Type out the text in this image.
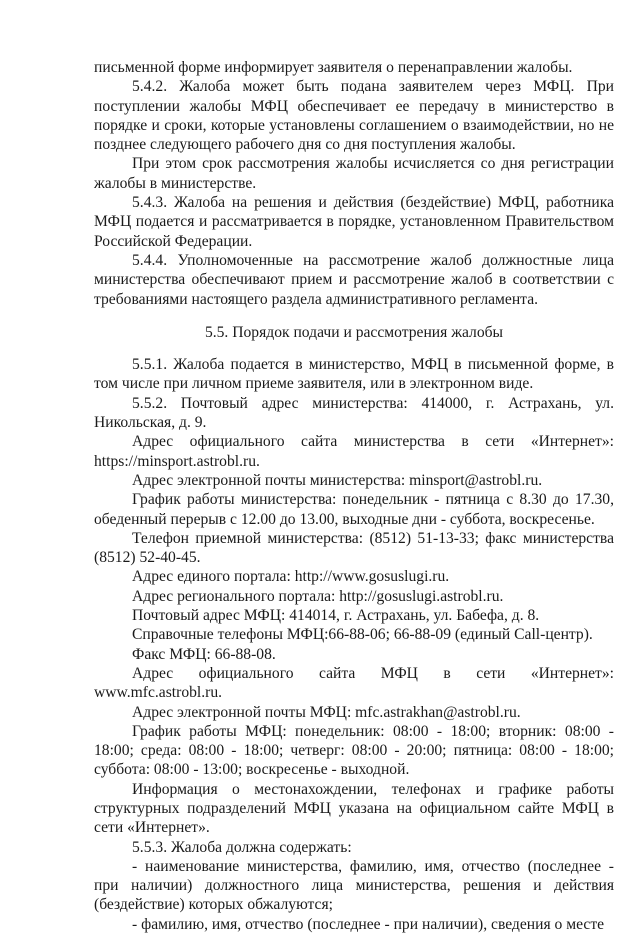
письменной форме информирует заявителя о перенаправлении жалобы.

5.4.2. Жалоба может быть подана заявителем через МФЦ. При поступлении жалобы МФЦ обеспечивает ее передачу в министерство в порядке и сроки, которые установлены соглашением о взаимодействии, но не позднее следующего рабочего дня со дня поступления жалобы.

При этом срок рассмотрения жалобы исчисляется со дня регистрации жалобы в министерстве.

5.4.3. Жалоба на решения и действия (бездействие) МФЦ, работника МФЦ подается и рассматривается в порядке, установленном Правительством Российской Федерации.

5.4.4. Уполномоченные на рассмотрение жалоб должностные лица министерства обеспечивают прием и рассмотрение жалоб в соответствии с требованиями настоящего раздела административного регламента.

5.5. Порядок подачи и рассмотрения жалобы

5.5.1. Жалоба подается в министерство, МФЦ в письменной форме, в том числе при личном приеме заявителя, или в электронном виде.

5.5.2. Почтовый адрес министерства: 414000, г. Астрахань, ул. Никольская, д. 9.

Адрес официального сайта министерства в сети «Интернет»: https://minsport.astrobl.ru.

Адрес электронной почты министерства: minsport@astrobl.ru.

График работы министерства: понедельник - пятница с 8.30 до 17.30, обеденный перерыв с 12.00 до 13.00, выходные дни - суббота, воскресенье.

Телефон приемной министерства: (8512) 51-13-33; факс министерства (8512) 52-40-45.

Адрес единого портала: http://www.gosuslugi.ru.

Адрес регионального портала: http://gosuslugi.astrobl.ru.

Почтовый адрес МФЦ: 414014, г. Астрахань, ул. Бабефа, д. 8.

Справочные телефоны МФЦ:66-88-06; 66-88-09 (единый Call-центр).

Факс МФЦ: 66-88-08.

Адрес официального сайта МФЦ в сети «Интернет»: www.mfc.astrobl.ru.

Адрес электронной почты МФЦ: mfc.astrakhan@astrobl.ru.

График работы МФЦ: понедельник: 08:00 - 18:00; вторник: 08:00 - 18:00; среда: 08:00 - 18:00; четверг: 08:00 - 20:00; пятница: 08:00 - 18:00; суббота: 08:00 - 13:00; воскресенье - выходной.

Информация о местонахождении, телефонах и графике работы структурных подразделений МФЦ указана на официальном сайте МФЦ в сети «Интернет».

5.5.3. Жалоба должна содержать:

- наименование министерства, фамилию, имя, отчество (последнее - при наличии) должностного лица министерства, решения и действия (бездействие) которых обжалуются;

- фамилию, имя, отчество (последнее - при наличии), сведения о месте
